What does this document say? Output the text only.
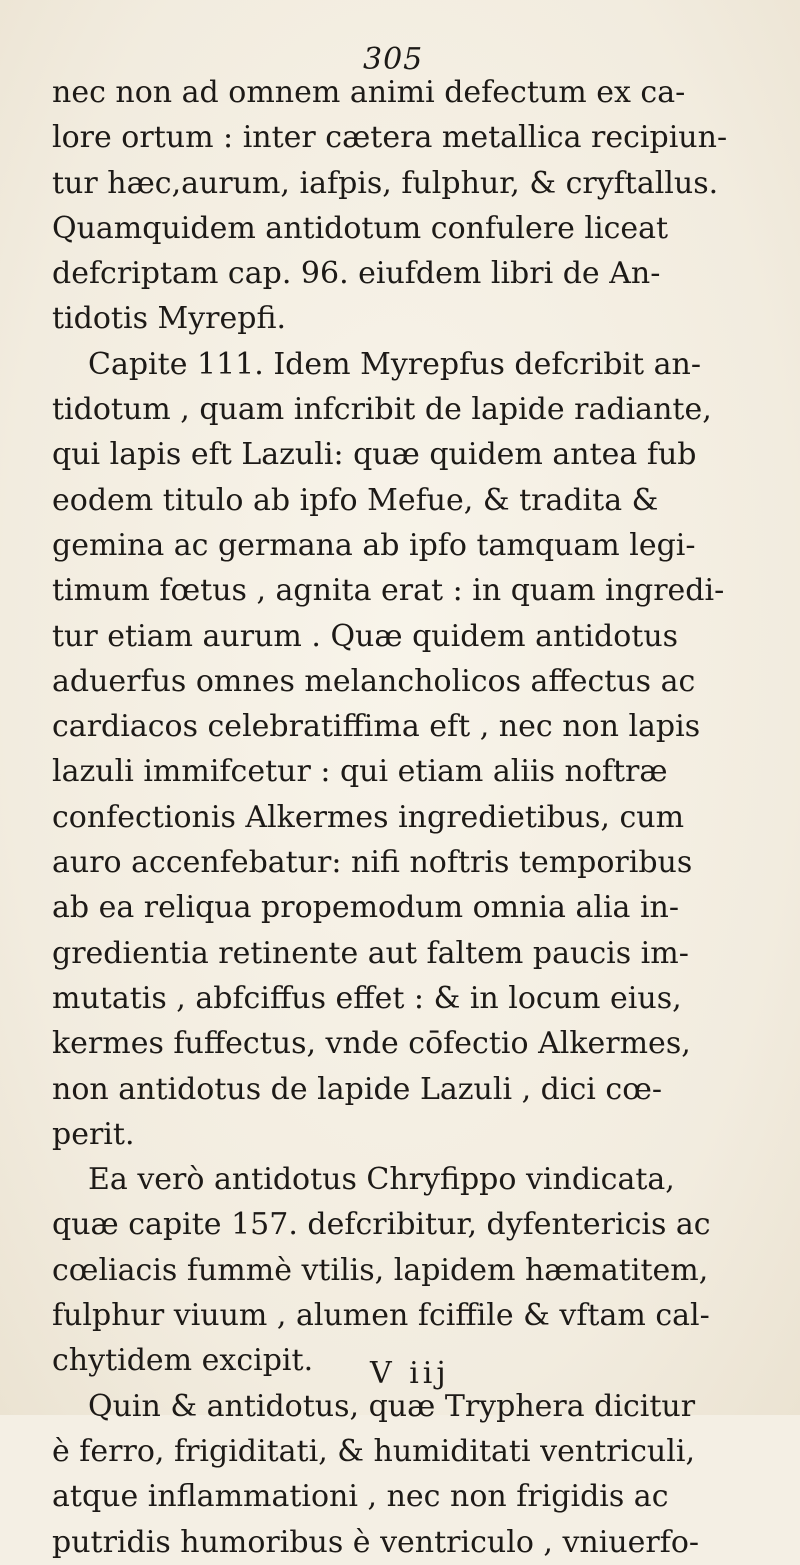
305
nec non ad omnem animi defectum ex ca-
lore ortum : inter cætera metallica recipiun-
tur hæc,aurum, iafpis, fulphur, & cryftallus.
Quamquidem antidotum confulere liceat
defcriptam cap. 96. eiufdem libri de An-
tidotis Myrepfi.
Capite 111. Idem Myrepfus defcribit an-
tidotum , quam infcribit de lapide radiante,
qui lapis eft Lazuli: quæ quidem antea fub
eodem titulo ab ipfo Mefue, & tradita &
gemina ac germana ab ipfo tamquam legi-
timum fœtus , agnita erat : in quam ingredi-
tur etiam aurum . Quæ quidem antidotus
aduerfus omnes melancholicos affectus ac
cardiacos celebratiffima eft , nec non lapis
lazuli immifcetur : qui etiam aliis noftræ
confectionis Alkermes ingredietibus, cum
auro accenfebatur: nifi noftris temporibus
ab ea reliqua propemodum omnia alia in-
gredientia retinente aut faltem paucis im-
mutatis , abfciffus effet : & in locum eius,
kermes fuffectus, vnde cōfectio Alkermes,
non antidotus de lapide Lazuli , dici cœ-
perit.
Ea verò antidotus Chryfippo vindicata,
quæ capite 157. defcribitur, dyfentericis ac
cœliacis fummè vtilis, lapidem hæmatitem,
fulphur viuum , alumen fciffile & vftam cal-
chytidem excipit.
Quin & antidotus, quæ Tryphera dicitur
è ferro, frigiditati, & humiditati ventriculi,
atque inflammationi , nec non frigidis ac
putridis humoribus è ventriculo , vniuerfo-
V iij
